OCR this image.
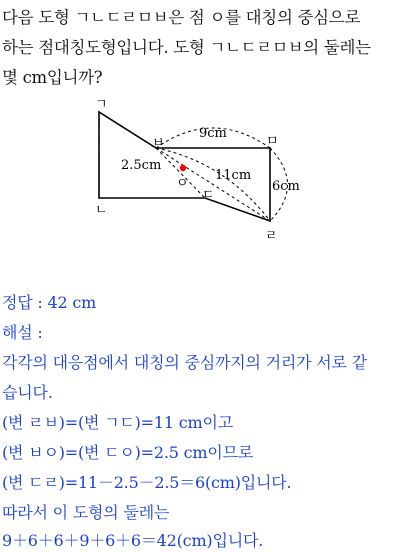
다음 도형 ㄱㄴㄷㄹㅁㅂ은 점 ㅇ를 대칭의 중심으로
하는 점대칭도형입니다. 도형 ㄱㄴㄷㄹㅁㅂ의 둘레는
몇 cm입니까?
ㄱ
ㄴ
ㄷ
ㄹ
ㅁ
ㅂ
ㅇ
9cm
2.5cm
11cm
6cm
정답 : 42 cm
해설 :
각각의 대응점에서 대칭의 중심까지의 거리가 서로 같
습니다.
(변 ㄹㅂ)=(변 ㄱㄷ)=11 cm이고
(변 ㅂㅇ)=(변 ㄷㅇ)=2.5 cm이므로
(변 ㄷㄹ)=11－2.5－2.5＝6(cm)입니다.
따라서 이 도형의 둘레는
9＋6＋6＋9＋6＋6＝42(cm)입니다.
